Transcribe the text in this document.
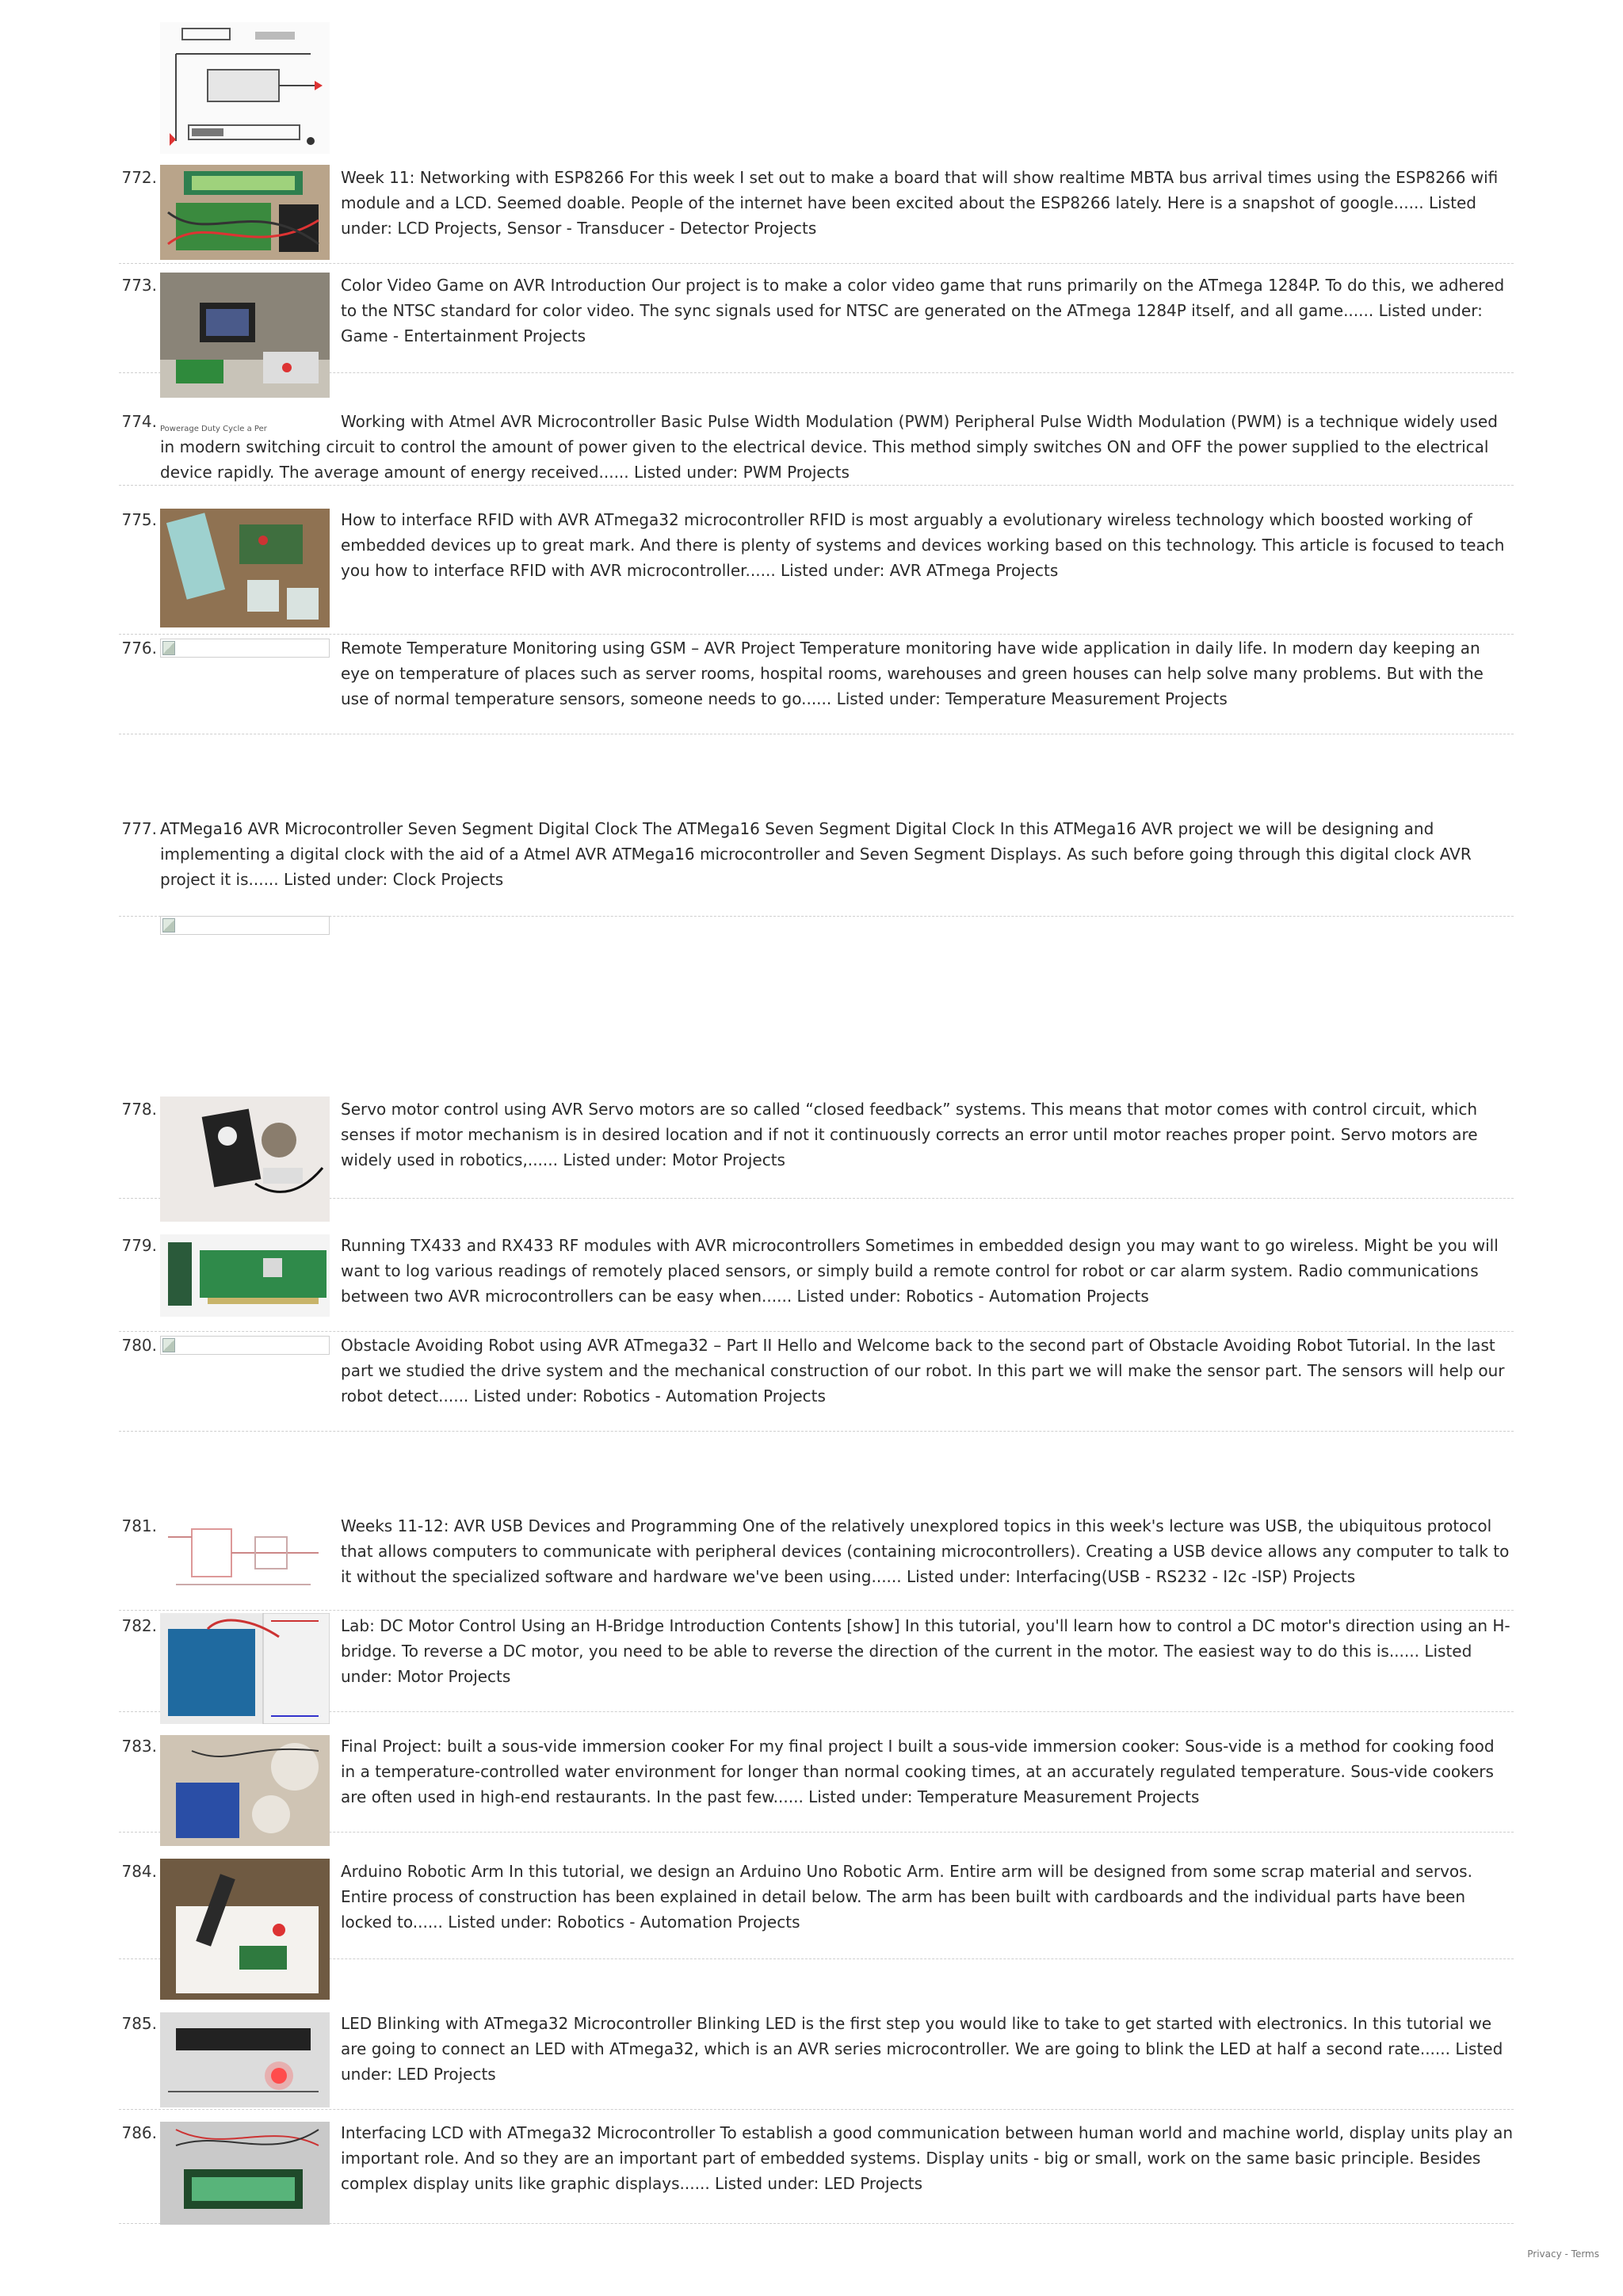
772.	Week 11: Networking with ESP8266 For this week I set out to make a board that will show realtime MBTA bus arrival times using the ESP8266 wifi module and a LCD. Seemed doable. People of the internet have been excited about the ESP8266 lately. Here is a snapshot of google...... Listed under: LCD Projects, Sensor - Transducer - Detector Projects
773.	Color Video Game on AVR Introduction Our project is to make a color video game that runs primarily on the ATmega 1284P. To do this, we adhered to the NTSC standard for color video. The sync signals used for NTSC are generated on the ATmega 1284P itself, and all game...... Listed under: Game - Entertainment Projects
774. Powerage Duty Cycle a Per	Working with Atmel AVR Microcontroller Basic Pulse Width Modulation (PWM) Peripheral Pulse Width Modulation (PWM) is a technique widely used in modern switching circuit to control the amount of power given to the electrical device. This method simply switches ON and OFF the power supplied to the electrical device rapidly. The average amount of energy received...... Listed under: PWM Projects
775.	How to interface RFID with AVR ATmega32 microcontroller RFID is most arguably a evolutionary wireless technology which boosted working of embedded devices up to great mark. And there is plenty of systems and devices working based on this technology. This article is focused to teach you how to interface RFID with AVR microcontroller...... Listed under: AVR ATmega Projects
776.	Remote Temperature Monitoring using GSM – AVR Project Temperature monitoring have wide application in daily life. In modern day keeping an eye on temperature of places such as server rooms, hospital rooms, warehouses and green houses can help solve many problems. But with the use of normal temperature sensors, someone needs to go...... Listed under: Temperature Measurement Projects
777. ATMega16 AVR Microcontroller Seven Segment Digital Clock The ATMega16 Seven Segment Digital Clock In this ATMega16 AVR project we will be designing and implementing a digital clock with the aid of a Atmel AVR ATMega16 microcontroller and Seven Segment Displays. As such before going through this digital clock AVR project it is...... Listed under: Clock Projects
778.	Servo motor control using AVR Servo motors are so called “closed feedback” systems. This means that motor comes with control circuit, which senses if motor mechanism is in desired location and if not it continuously corrects an error until motor reaches proper point. Servo motors are widely used in robotics,...... Listed under: Motor Projects
779.	Running TX433 and RX433 RF modules with AVR microcontrollers Sometimes in embedded design you may want to go wireless. Might be you will want to log various readings of remotely placed sensors, or simply build a remote control for robot or car alarm system. Radio communications between two AVR microcontrollers can be easy when...... Listed under: Robotics - Automation Projects
780.	Obstacle Avoiding Robot using AVR ATmega32 – Part II Hello and Welcome back to the second part of Obstacle Avoiding Robot Tutorial. In the last part we studied the drive system and the mechanical construction of our robot. In this part we will make the sensor part. The sensors will help our robot detect...... Listed under: Robotics - Automation Projects
781.	Weeks 11-12: AVR USB Devices and Programming One of the relatively unexplored topics in this week's lecture was USB, the ubiquitous protocol that allows computers to communicate with peripheral devices (containing microcontrollers). Creating a USB device allows any computer to talk to it without the specialized software and hardware we've been using...... Listed under: Interfacing(USB - RS232 - I2c -ISP) Projects
782.	Lab: DC Motor Control Using an H-Bridge Introduction Contents [show] In this tutorial, you'll learn how to control a DC motor's direction using an H-bridge. To reverse a DC motor, you need to be able to reverse the direction of the current in the motor. The easiest way to do this is...... Listed under: Motor Projects
783.	Final Project: built a sous-vide immersion cooker For my final project I built a sous-vide immersion cooker: Sous-vide is a method for cooking food in a temperature-controlled water environment for longer than normal cooking times, at an accurately regulated temperature. Sous-vide cookers are often used in high-end restaurants. In the past few...... Listed under: Temperature Measurement Projects
784.	Arduino Robotic Arm In this tutorial, we design an Arduino Uno Robotic Arm. Entire arm will be designed from some scrap material and servos. Entire process of construction has been explained in detail below. The arm has been built with cardboards and the individual parts have been locked to...... Listed under: Robotics - Automation Projects
785.	LED Blinking with ATmega32 Microcontroller Blinking LED is the first step you would like to take to get started with electronics. In this tutorial we are going to connect an LED with ATmega32, which is an AVR series microcontroller. We are going to blink the LED at half a second rate...... Listed under: LED Projects
786.	Interfacing LCD with ATmega32 Microcontroller To establish a good communication between human world and machine world, display units play an important role. And so they are an important part of embedded systems. Display units - big or small, work on the same basic principle. Besides complex display units like graphic displays...... Listed under: LED Projects
Privacy - Terms
